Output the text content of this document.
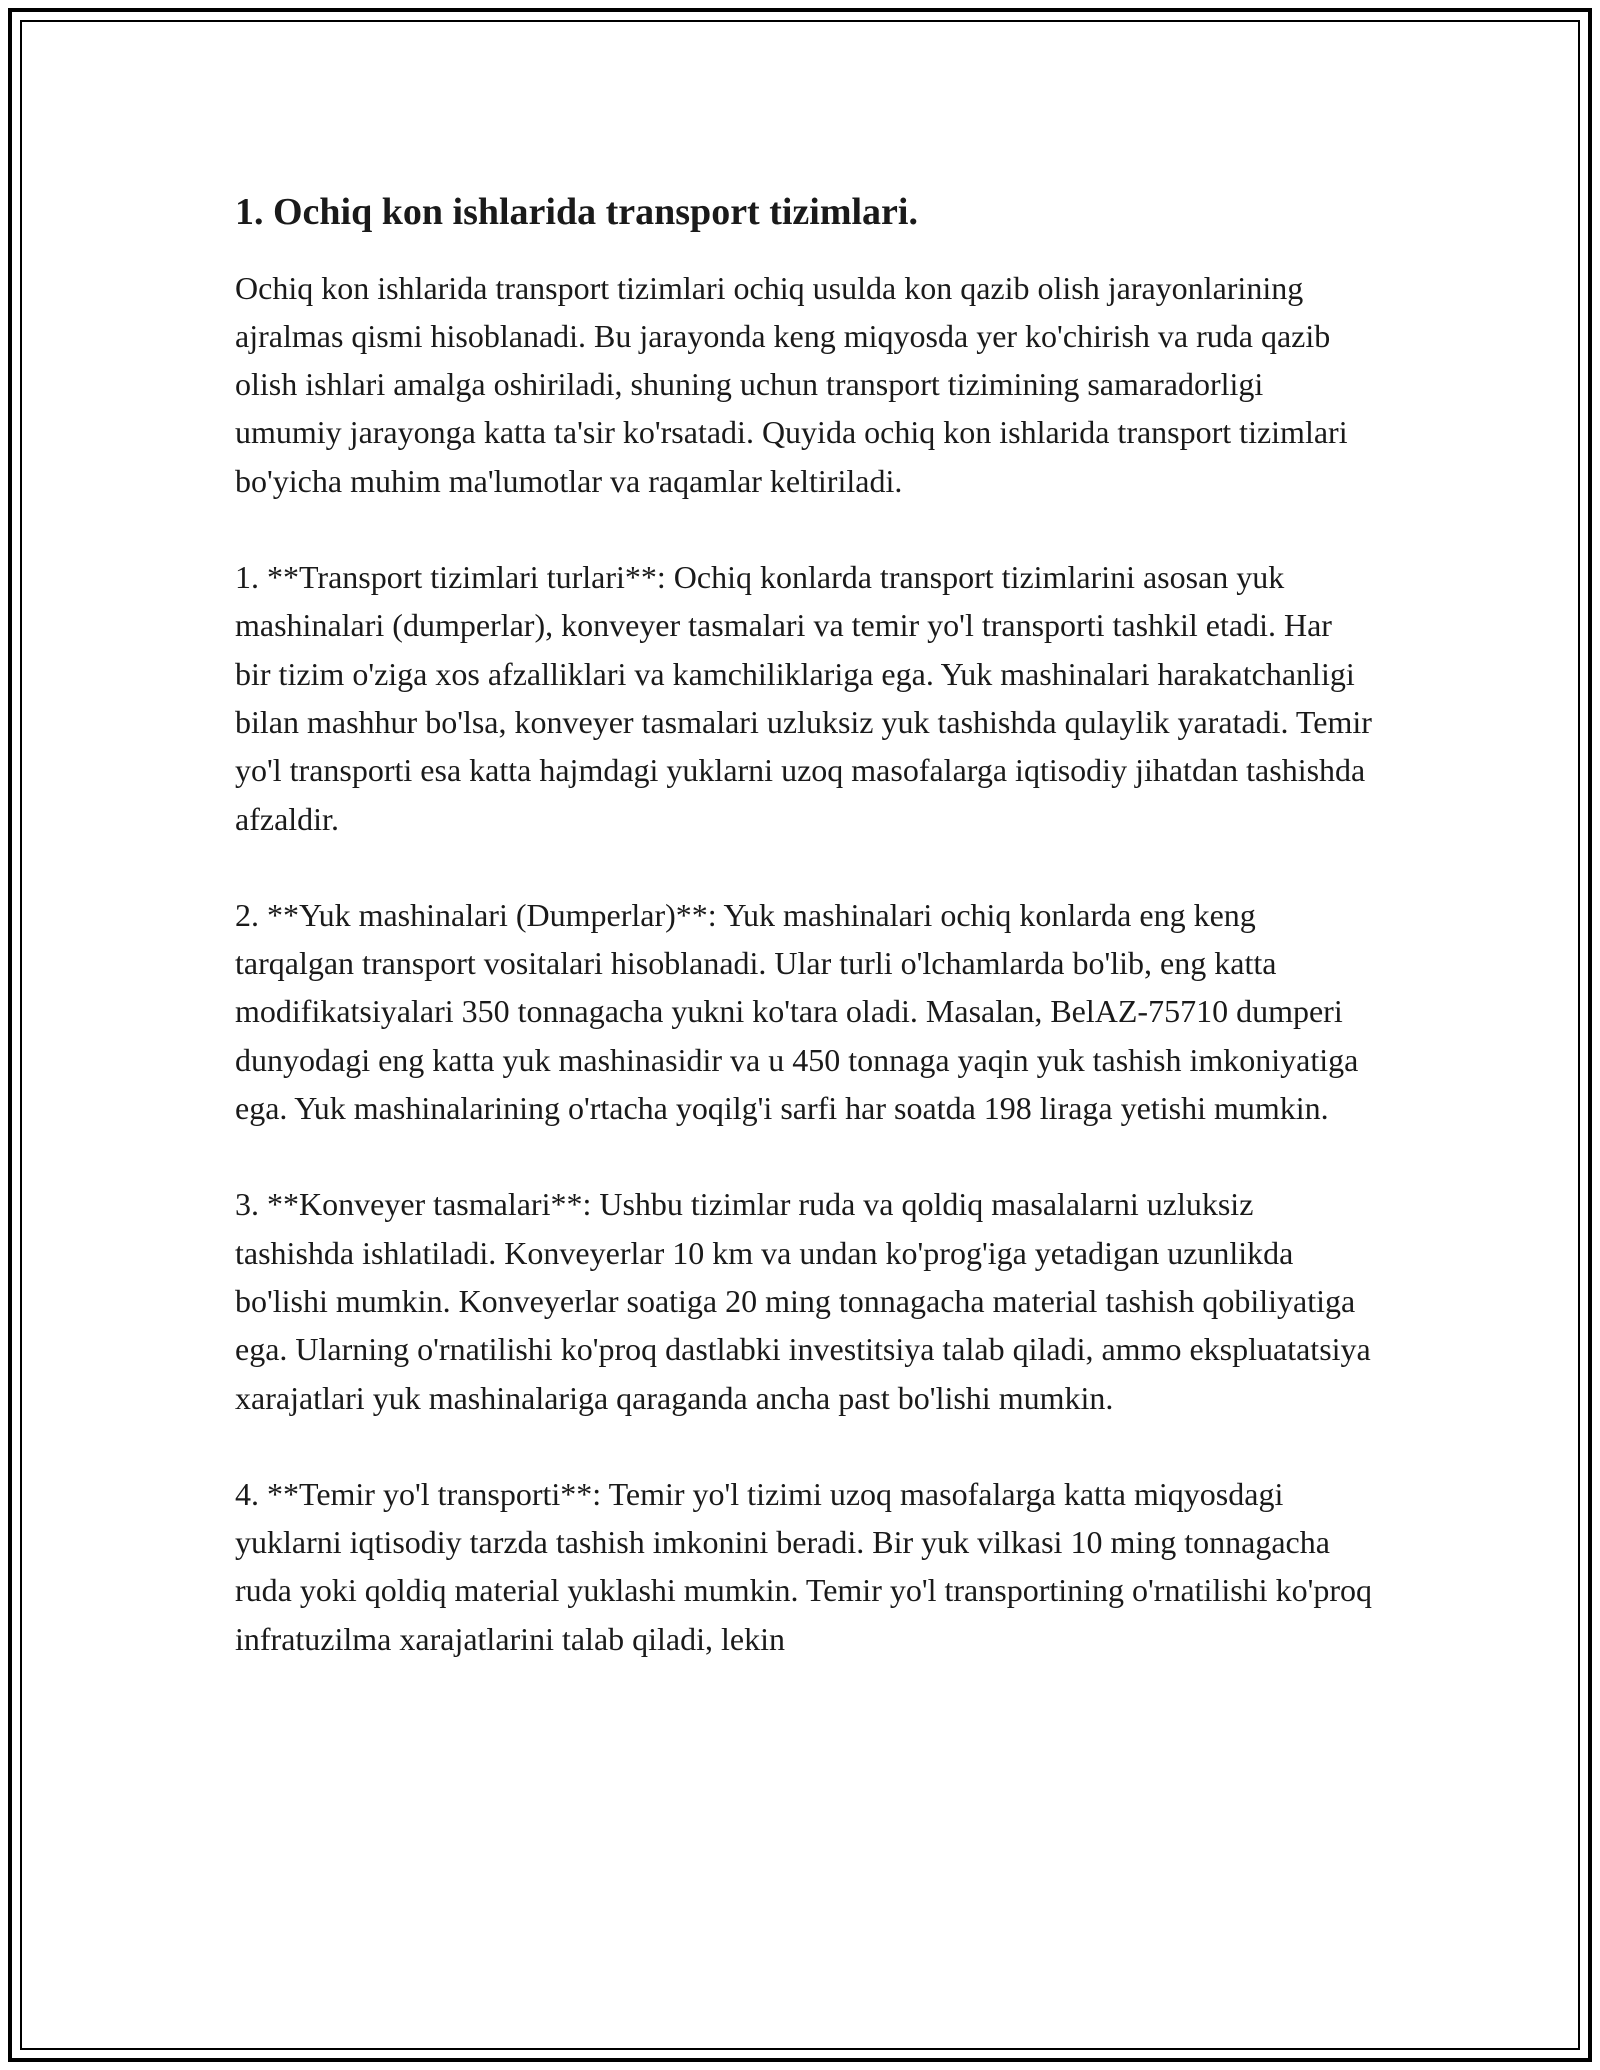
1. Ochiq kon ishlarida transport tizimlari.

Ochiq kon ishlarida transport tizimlari ochiq usulda kon qazib olish jarayonlarining ajralmas qismi hisoblanadi. Bu jarayonda keng miqyosda yer ko'chirish va ruda qazib olish ishlari amalga oshiriladi, shuning uchun transport tizimining samaradorligi umumiy jarayonga katta ta'sir ko'rsatadi. Quyida ochiq kon ishlarida transport tizimlari bo'yicha muhim ma'lumotlar va raqamlar keltiriladi.

1. **Transport tizimlari turlari**: Ochiq konlarda transport tizimlarini asosan yuk mashinalari (dumperlar), konveyer tasmalari va temir yo'l transporti tashkil etadi. Har bir tizim o'ziga xos afzalliklari va kamchiliklariga ega. Yuk mashinalari harakatchanligi bilan mashhur bo'lsa, konveyer tasmalari uzluksiz yuk tashishda qulaylik yaratadi. Temir yo'l transporti esa katta hajmdagi yuklarni uzoq masofalarga iqtisodiy jihatdan tashishda afzaldir.

2. **Yuk mashinalari (Dumperlar)**: Yuk mashinalari ochiq konlarda eng keng tarqalgan transport vositalari hisoblanadi. Ular turli o'lchamlarda bo'lib, eng katta modifikatsiyalari 350 tonnagacha yukni ko'tara oladi. Masalan, BelAZ-75710 dumperi dunyodagi eng katta yuk mashinasidir va u 450 tonnaga yaqin yuk tashish imkoniyatiga ega. Yuk mashinalarining o'rtacha yoqilg'i sarfi har soatda 198 liraga yetishi mumkin.

3. **Konveyer tasmalari**: Ushbu tizimlar ruda va qoldiq masalalarni uzluksiz tashishda ishlatiladi. Konveyerlar 10 km va undan ko'prog'iga yetadigan uzunlikda bo'lishi mumkin. Konveyerlar soatiga 20 ming tonnagacha material tashish qobiliyatiga ega. Ularning o'rnatilishi ko'proq dastlabki investitsiya talab qiladi, ammo ekspluatatsiya xarajatlari yuk mashinalariga qaraganda ancha past bo'lishi mumkin.

4. **Temir yo'l transporti**: Temir yo'l tizimi uzoq masofalarga katta miqyosdagi yuklarni iqtisodiy tarzda tashish imkonini beradi. Bir yuk vilkasi 10 ming tonnagacha ruda yoki qoldiq material yuklashi mumkin. Temir yo'l transportining o'rnatilishi ko'proq infratuzilma xarajatlarini talab qiladi, lekin
